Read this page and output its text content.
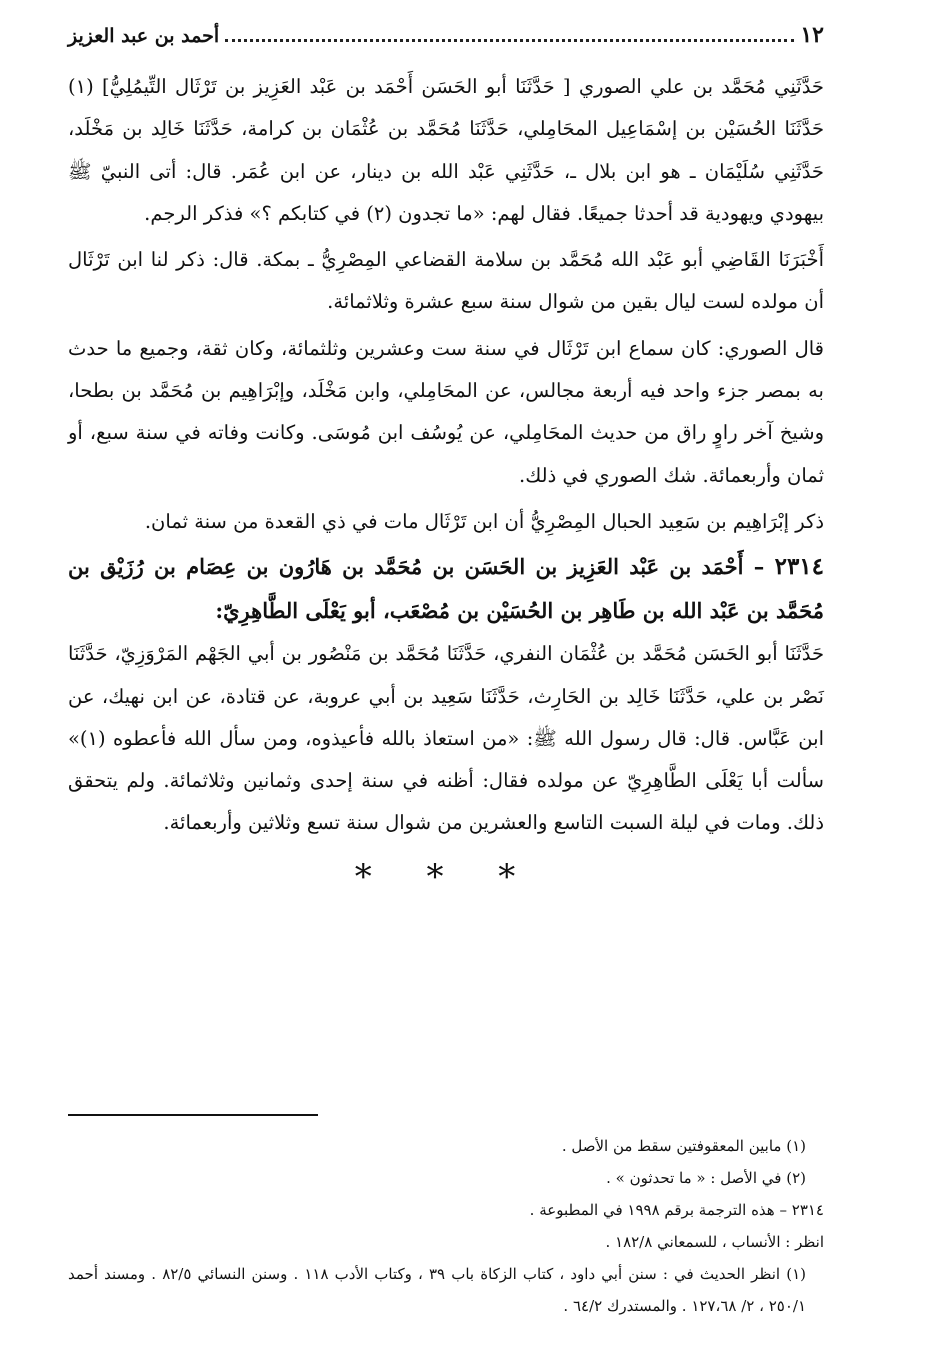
١٢
أحمد بن عبد العزيز

حَدَّثَنِي مُحَمَّد بن علي الصوري [ حَدَّثَنَا أبو الحَسَن أَحْمَد بن عَبْد العَزِيز بن تَرْثَال التِّيمُلِيُّ] (١) حَدَّثَنَا الحُسَيْن بن إسْمَاعِيل المحَامِلي، حَدَّثَنَا مُحَمَّد بن عُثْمَان بن كرامة، حَدَّثَنَا خَالِد بن مَخْلَد، حَدَّثَنِي سُلَيْمَان ـ هو ابن بلال ـ، حَدَّثَنِي عَبْد الله بن دينار، عن ابن عُمَر. قال: أتى النبيّ ﷺ بيهودي ويهودية قد أحدثا جميعًا. فقال لهم: «ما تجدون (٢) في كتابكم ؟» فذكر الرجم.

أَخْبَرَنَا القَاضِي أبو عَبْد الله مُحَمَّد بن سلامة القضاعي المِصْرِيُّ ـ بمكة. قال: ذكر لنا ابن تَرْثَال أن مولده لست ليال بقين من شوال سنة سبع عشرة وثلاثمائة.

قال الصوري: كان سماع ابن تَرْثَال في سنة ست وعشرين وثلثمائة، وكان ثقة، وجميع ما حدث به بمصر جزء واحد فيه أربعة مجالس، عن المحَامِلي، وابن مَخْلَد، وإبْرَاهِيم بن مُحَمَّد بن بطحا، وشيخ آخر راوٍ راق من حديث المحَامِلي، عن يُوسُف ابن مُوسَى. وكانت وفاته في سنة سبع، أو ثمان وأربعمائة. شك الصوري في ذلك.

ذكر إبْرَاهِيم بن سَعِيد الحبال المِصْرِيُّ أن ابن تَرْثَال مات في ذي القعدة من سنة ثمان.

٢٣١٤ – أَحْمَد بن عَبْد العَزِيز بن الحَسَن بن مُحَمَّد بن هَارُون بن عِصَام بن رُزَيْق بن مُحَمَّد بن عَبْد الله بن طَاهِر بن الحُسَيْن بن مُصْعَب، أبو يَعْلَى الطَّاهِرِيّ:

حَدَّثَنَا أبو الحَسَن مُحَمَّد بن عُثْمَان النفري، حَدَّثَنَا مُحَمَّد بن مَنْصُور بن أبي الجَهْم المَرْوَزِيّ، حَدَّثَنَا نَصْر بن علي، حَدَّثَنَا خَالِد بن الحَارِث، حَدَّثَنَا سَعِيد بن أبي عروبة، عن قتادة، عن ابن نهيك، عن ابن عَبَّاس. قال: قال رسول الله ﷺ: «من استعاذ بالله فأعيذوه، ومن سأل الله فأعطوه (١)» سألت أبا يَعْلَى الطَّاهِرِيّ عن مولده فقال: أظنه في سنة إحدى وثمانين وثلاثمائة. ولم يتحقق ذلك. ومات في ليلة السبت التاسع والعشرين من شوال سنة تسع وثلاثين وأربعمائة.

* * *

(١) مابين المعقوفتين سقط من الأصل .

(٢) في الأصل : « ما تحدثون » .

٢٣١٤ – هذه الترجمة برقم ١٩٩٨ في المطبوعة .

انظر : الأنساب ، للسمعاني ١٨٢/٨ .

(١) انظر الحديث في : سنن أبي داود ، كتاب الزكاة باب ٣٩ ، وكتاب الأدب ١١٨ . وسنن النسائي ٨٢/٥ . ومسند أحمد ٢٥٠/١ ، ٢/ ١٢٧،٦٨ . والمستدرك ٦٤/٢ .
